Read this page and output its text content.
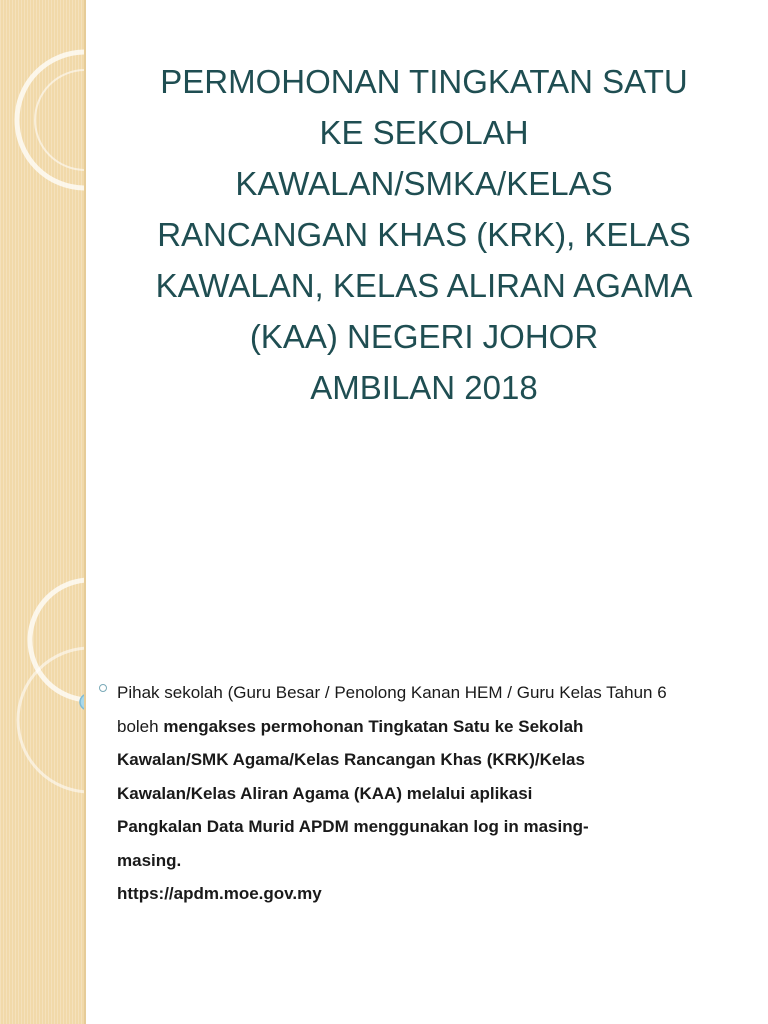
PERMOHONAN TINGKATAN SATU
KE SEKOLAH
KAWALAN/SMKA/KELAS
RANCANGAN KHAS (KRK), KELAS
KAWALAN, KELAS ALIRAN AGAMA
(KAA) NEGERI JOHOR
AMBILAN 2018
Pihak sekolah (Guru Besar / Penolong Kanan HEM / Guru Kelas Tahun 6
boleh mengakses permohonan Tingkatan Satu ke Sekolah
Kawalan/SMK Agama/Kelas Rancangan Khas (KRK)/Kelas
Kawalan/Kelas Aliran Agama (KAA) melalui aplikasi
Pangkalan Data Murid APDM menggunakan log in masing-
masing.
https://apdm.moe.gov.my
